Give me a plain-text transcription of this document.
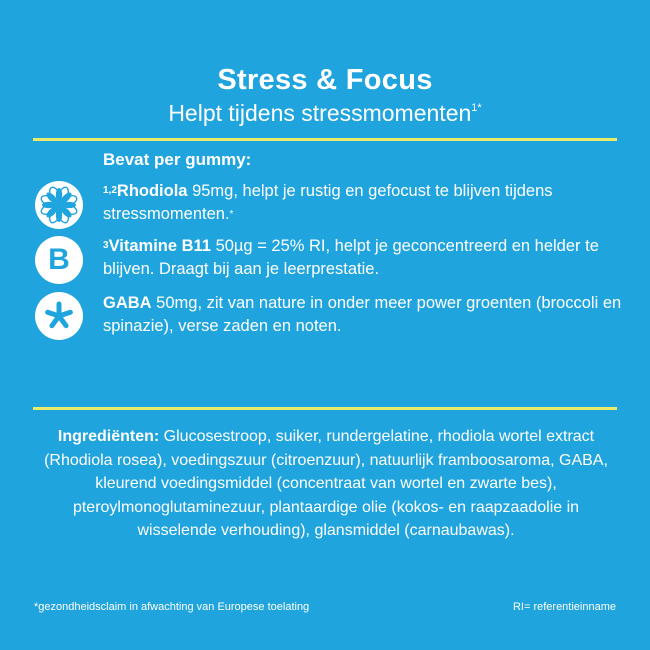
Stress & Focus
Helpt tijdens stressmomenten$^{1*}$
Bevat per gummy:
$^{1,2}$Rhodiola 95mg, helpt je rustig en gefocust te blijven tijdens stressmomenten.*
B	$^3$Vitamine B11 50µg = 25% RI, helpt je geconcentreerd en helder te blijven. Draagt bij aan je leerprestatie.
GABA 50mg, zit van nature in onder meer power groenten (broccoli en spinazie), verse zaden en noten.
Ingrediënten: Glucosestroop, suiker, rundergelatine, rhodiola wortel extract (Rhodiola rosea), voedingszuur (citroenzuur), natuurlijk framboosaroma, GABA, kleurend voedingsmiddel (concentraat van wortel en zwarte bes), pteroylmonoglutaminezuur, plantaardige olie (kokos- en raapzaadolie in wisselende verhouding), glansmiddel (carnaubawas).
*gezondheidsclaim in afwachting van Europese toelating	RI= referentieinname
